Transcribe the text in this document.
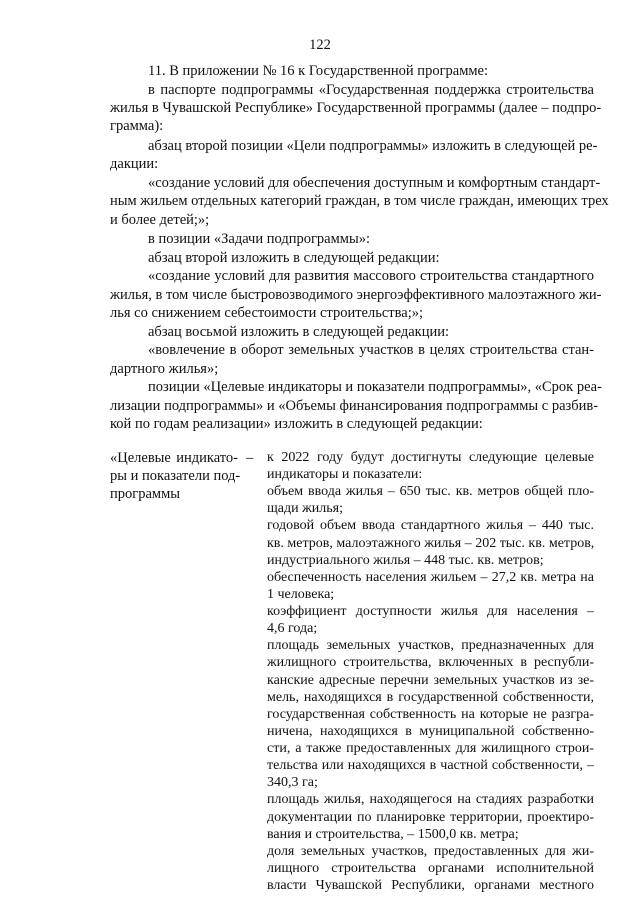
122

11. В приложении № 16 к Государственной программе:

в паспорте подпрограммы «Государственная поддержка строительства

жилья в Чувашской Республике» Государственной программы (далее – подпро-

грамма):

абзац второй позиции «Цели подпрограммы» изложить в следующей ре-

дакции:

«создание условий для обеспечения доступным и комфортным стандарт-

ным жильем отдельных категорий граждан, в том числе граждан, имеющих трех

и более детей;»;

в позиции «Задачи подпрограммы»:

абзац второй изложить в следующей редакции:

«создание условий для развития массового строительства стандартного

жилья, в том числе быстровозводимого энергоэффективного малоэтажного жи-

лья со снижением себестоимости строительства;»;

абзац восьмой изложить в следующей редакции:

«вовлечение в оборот земельных участков в целях строительства стан-

дартного жилья»;

позиции «Целевые индикаторы и показатели подпрограммы», «Срок реа-

лизации подпрограммы» и «Объемы финансирования подпрограммы с разбив-

кой по годам реализации» изложить в следующей редакции:

«Целевые индикато-

ры и показатели под-

программы

– к 2022 году будут достигнуты следующие целевые

индикаторы и показатели:

объем ввода жилья – 650 тыс. кв. метров общей пло-

щади жилья;

годовой объем ввода стандартного жилья – 440 тыс.

кв. метров, малоэтажного жилья – 202 тыс. кв. метров,

индустриального жилья – 448 тыс. кв. метров;

обеспеченность населения жильем – 27,2 кв. метра на

1 человека;

коэффициент доступности жилья для населения –

4,6 года;

площадь земельных участков, предназначенных для

жилищного строительства, включенных в республи-

канские адресные перечни земельных участков из зе-

мель, находящихся в государственной собственности,

государственная собственность на которые не разгра-

ничена, находящихся в муниципальной собственно-

сти, а также предоставленных для жилищного строи-

тельства или находящихся в частной собственности, –

340,3 га;

площадь жилья, находящегося на стадиях разработки

документации по планировке территории, проектиро-

вания и строительства, – 1500,0 кв. метра;

доля земельных участков, предоставленных для жи-

лищного строительства органами исполнительной

власти Чувашской Республики, органами местного
